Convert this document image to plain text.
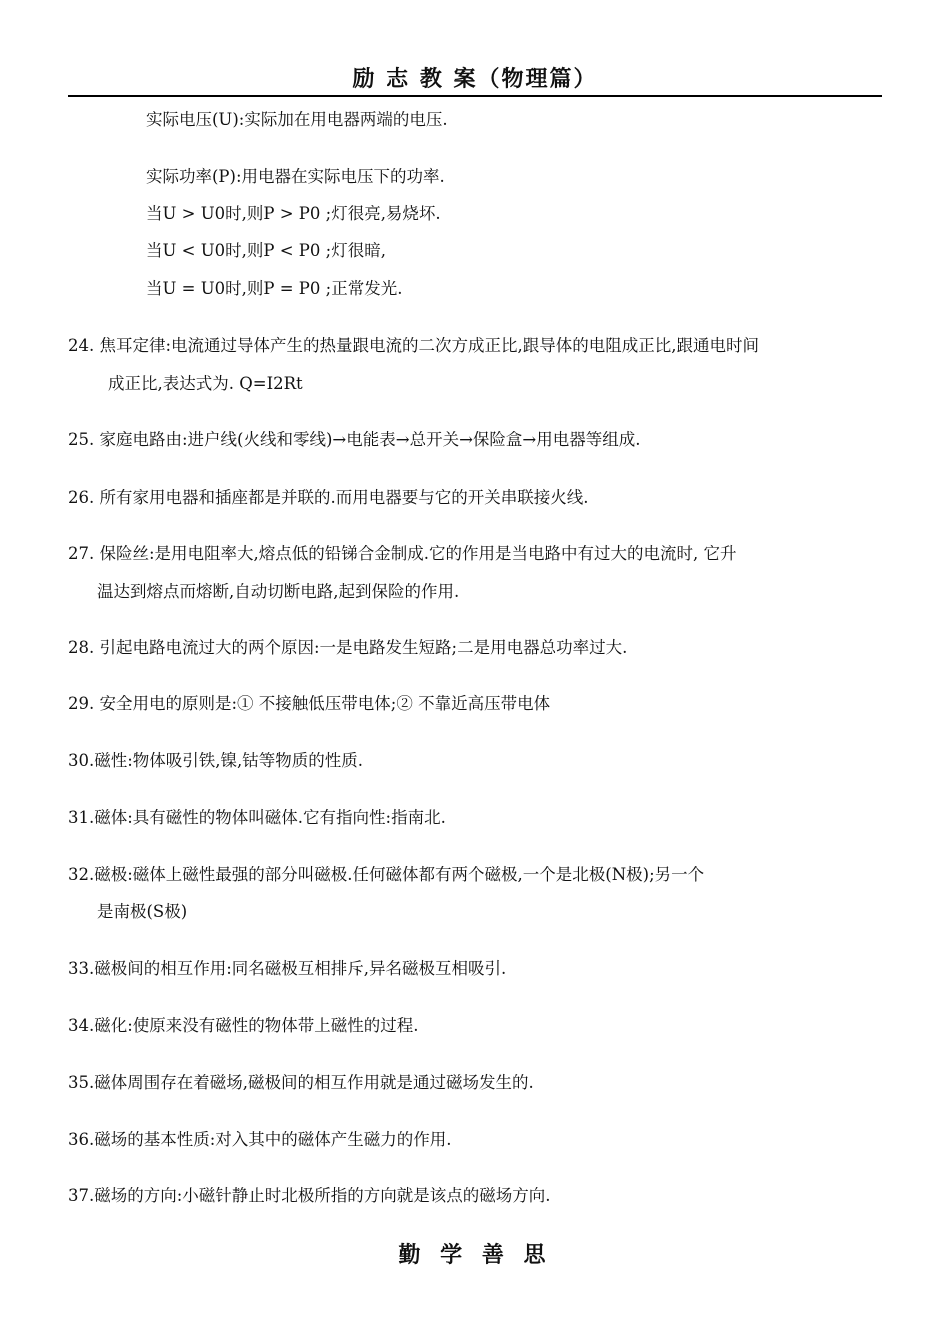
励 志 教 案（物理篇）
实际电压(U):实际加在用电器两端的电压.
实际功率(P):用电器在实际电压下的功率.
当U > U0时,则P > P0 ;灯很亮,易烧坏.
当U < U0时,则P < P0 ;灯很暗,
当U = U0时,则P = P0 ;正常发光.
24. 焦耳定律:电流通过导体产生的热量跟电流的二次方成正比,跟导体的电阻成正比,跟通电时间
成正比,表达式为. Q=I2Rt
25. 家庭电路由:进户线(火线和零线)→电能表→总开关→保险盒→用电器等组成.
26. 所有家用电器和插座都是并联的.而用电器要与它的开关串联接火线.
27. 保险丝:是用电阻率大,熔点低的铅锑合金制成.它的作用是当电路中有过大的电流时, 它升
温达到熔点而熔断,自动切断电路,起到保险的作用.
28. 引起电路电流过大的两个原因:一是电路发生短路;二是用电器总功率过大.
29. 安全用电的原则是:① 不接触低压带电体;② 不靠近高压带电体
30.磁性:物体吸引铁,镍,钴等物质的性质.
31.磁体:具有磁性的物体叫磁体.它有指向性:指南北.
32.磁极:磁体上磁性最强的部分叫磁极.任何磁体都有两个磁极,一个是北极(N极);另一个
是南极(S极)
33.磁极间的相互作用:同名磁极互相排斥,异名磁极互相吸引.
34.磁化:使原来没有磁性的物体带上磁性的过程.
35.磁体周围存在着磁场,磁极间的相互作用就是通过磁场发生的.
36.磁场的基本性质:对入其中的磁体产生磁力的作用.
37.磁场的方向:小磁针静止时北极所指的方向就是该点的磁场方向.
勤 学 善 思
